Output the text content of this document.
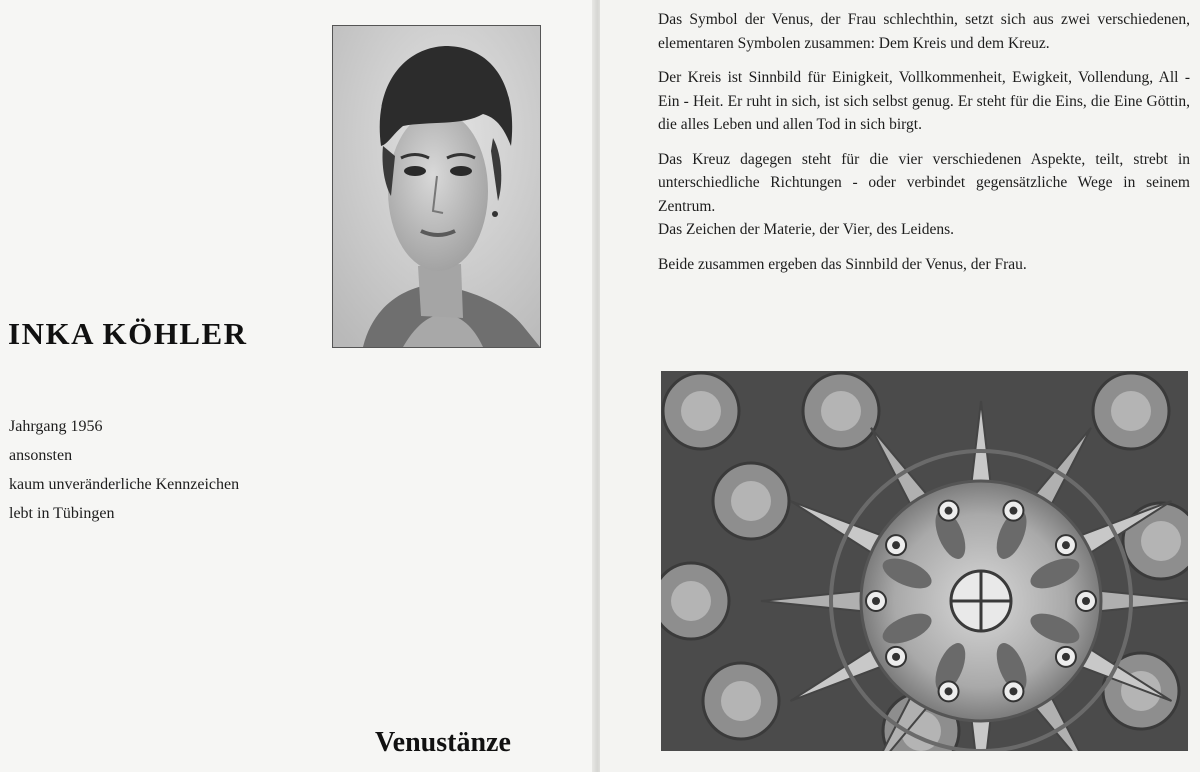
INKA KÖHLER
Jahrgang 1956
ansonsten
kaum unveränderliche Kennzeichen
lebt in Tübingen
Venustänze

Das Symbol der Venus, der Frau schlechthin, setzt sich aus zwei verschiedenen, elementaren Symbolen zusammen: Dem Kreis und dem Kreuz.

Der Kreis ist Sinnbild für Einigkeit, Vollkommenheit, Ewigkeit, Vollendung, All - Ein - Heit. Er ruht in sich, ist sich selbst genug. Er steht für die Eins, die Eine Göttin, die alles Leben und allen Tod in sich birgt.

Das Kreuz dagegen steht für die vier verschiedenen Aspekte, teilt, strebt in unterschiedliche Richtungen - oder verbindet gegensätzliche Wege in seinem Zentrum.

Das Zeichen der Materie, der Vier, des Leidens.

Beide zusammen ergeben das Sinnbild der Venus, der Frau.
